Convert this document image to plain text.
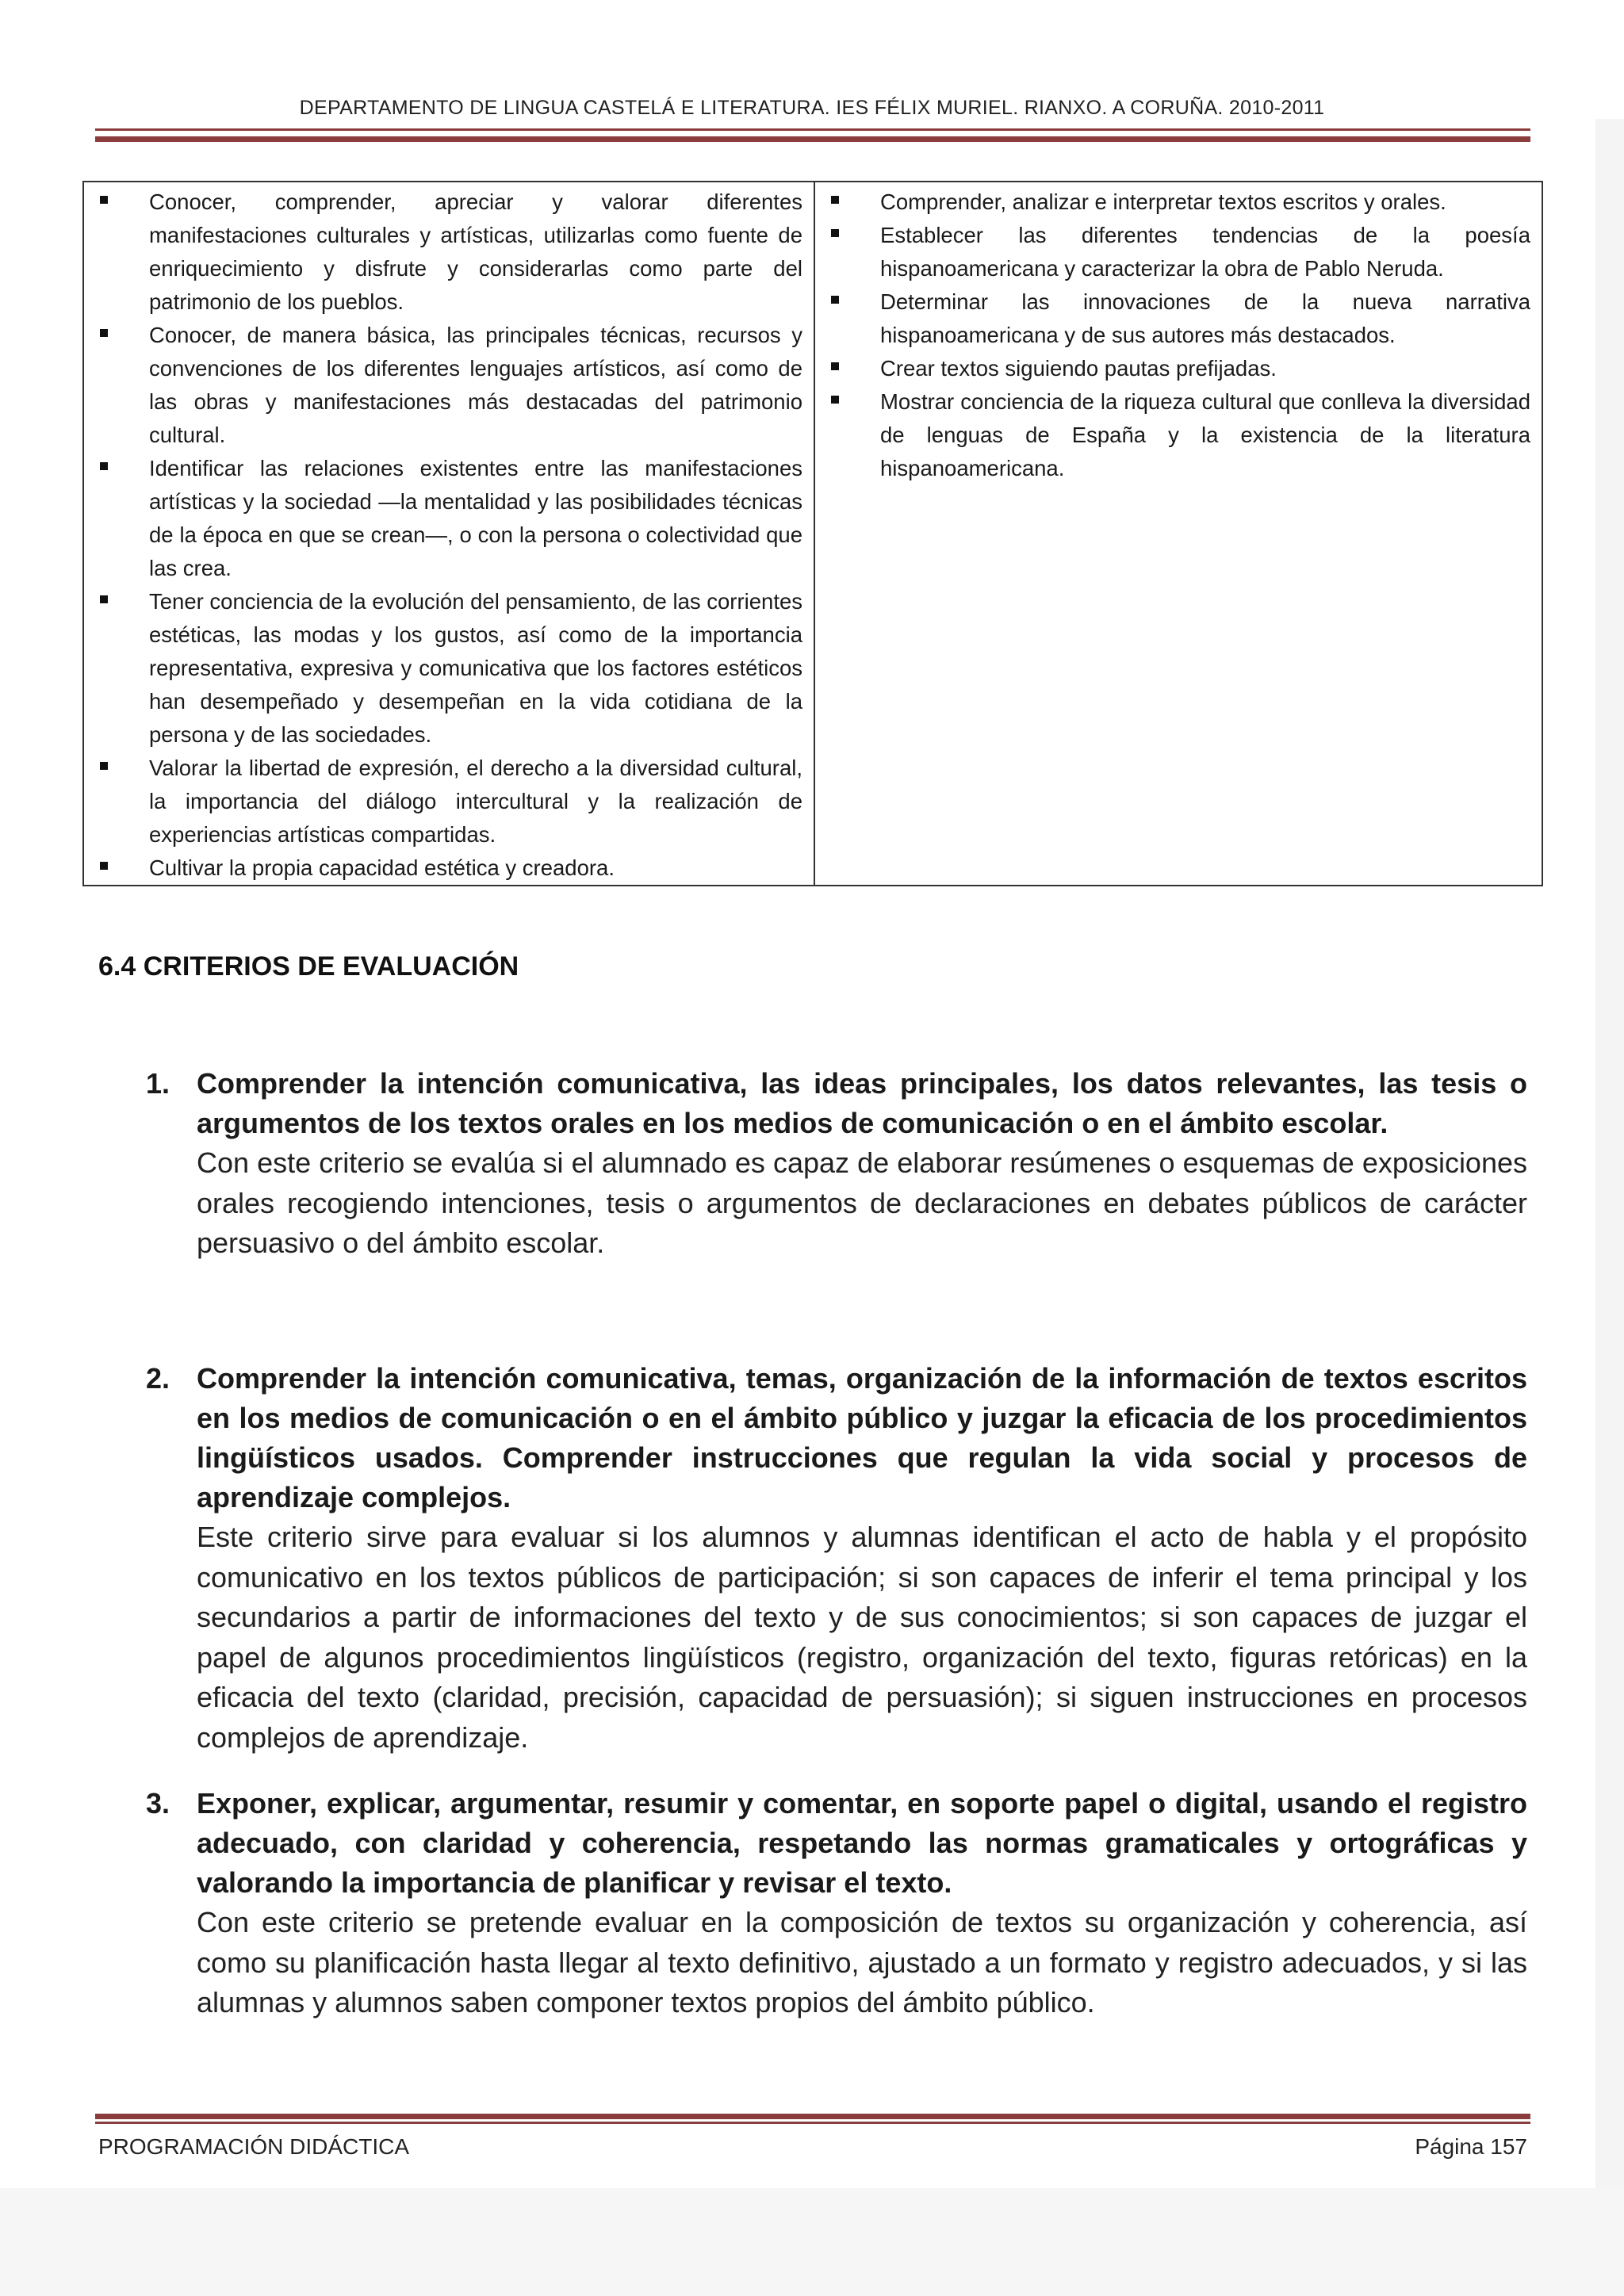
DEPARTAMENTO DE LINGUA CASTELÁ E LITERATURA. IES FÉLIX MURIEL. RIANXO. A CORUÑA. 2010-2011
Conocer, comprender, apreciar y valorar diferentes manifestaciones culturales y artísticas, utilizarlas como fuente de enriquecimiento y disfrute y considerarlas como parte del patrimonio de los pueblos.
Conocer, de manera básica, las principales técnicas, recursos y convenciones de los diferentes lenguajes artísticos, así como de las obras y manifestaciones más destacadas del patrimonio cultural.
Identificar las relaciones existentes entre las manifestaciones artísticas y la sociedad —la mentalidad y las posibilidades técnicas de la época en que se crean—, o con la persona o colectividad que las crea.
Tener conciencia de la evolución del pensamiento, de las corrientes estéticas, las modas y los gustos, así como de la importancia representativa, expresiva y comunicativa que los factores estéticos han desempeñado y desempeñan en la vida cotidiana de la persona y de las sociedades.
Valorar la libertad de expresión, el derecho a la diversidad cultural, la importancia del diálogo intercultural y la realización de experiencias artísticas compartidas.
Cultivar la propia capacidad estética y creadora.

Comprender, analizar e interpretar textos escritos y orales.
Establecer las diferentes tendencias de la poesía hispanoamericana y caracterizar la obra de Pablo Neruda.
Determinar las innovaciones de la nueva narrativa hispanoamericana y de sus autores más destacados.
Crear textos siguiendo pautas prefijadas.
Mostrar conciencia de la riqueza cultural que conlleva la diversidad de lenguas de España y la existencia de la literatura hispanoamericana.
6.4 CRITERIOS DE EVALUACIÓN
1. Comprender la intención comunicativa, las ideas principales, los datos relevantes, las tesis o argumentos de los textos orales en los medios de comunicación o en el ámbito escolar.

Con este criterio se evalúa si el alumnado es capaz de elaborar resúmenes o esquemas de exposiciones orales recogiendo intenciones, tesis o argumentos de declaraciones en debates públicos de carácter persuasivo o del ámbito escolar.

2. Comprender la intención comunicativa, temas, organización de la información de textos escritos en los medios de comunicación o en el ámbito público y juzgar la eficacia de los procedimientos lingüísticos usados. Comprender instrucciones que regulan la vida social y procesos de aprendizaje complejos.

Este criterio sirve para evaluar si los alumnos y alumnas identifican el acto de habla y el propósito comunicativo en los textos públicos de participación; si son capaces de inferir el tema principal y los secundarios a partir de informaciones del texto y de sus conocimientos; si son capaces de juzgar el papel de algunos procedimientos lingüísticos (registro, organización del texto, figuras retóricas) en la eficacia del texto (claridad, precisión, capacidad de persuasión); si siguen instrucciones en procesos complejos de aprendizaje.

3. Exponer, explicar, argumentar, resumir y comentar, en soporte papel o digital, usando el registro adecuado, con claridad y coherencia, respetando las normas gramaticales y ortográficas y valorando la importancia de planificar y revisar el texto.

Con este criterio se pretende evaluar en la composición de textos su organización y coherencia, así como su planificación hasta llegar al texto definitivo, ajustado a un formato y registro adecuados, y si las alumnas y alumnos saben componer textos propios del ámbito público.

PROGRAMACIÓN DIDÁCTICA	Página 157
